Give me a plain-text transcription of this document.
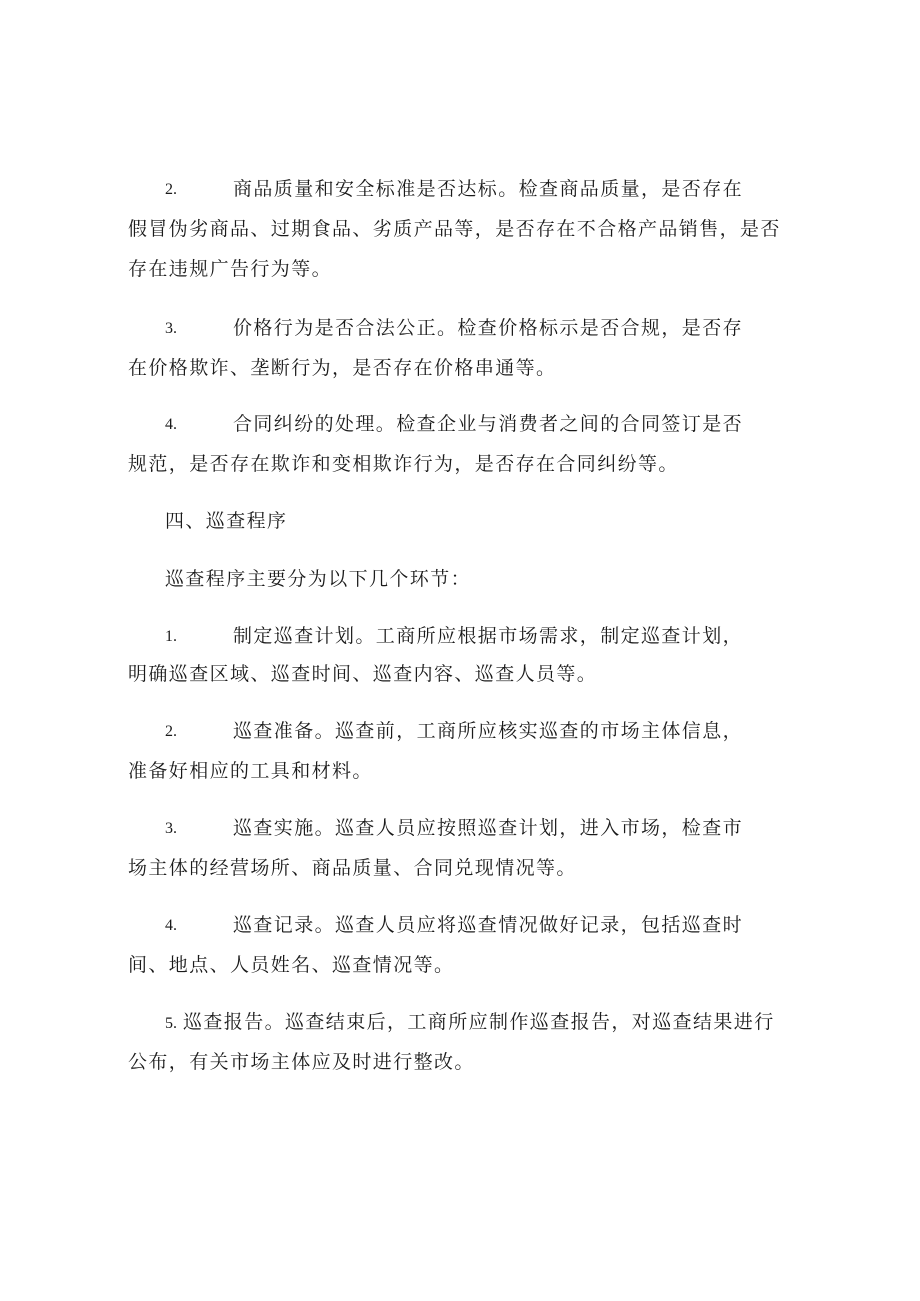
2.	商品质量和安全标准是否达标。检查商品质量，是否存在
假冒伪劣商品、过期食品、劣质产品等，是否存在不合格产品销售，是否
存在违规广告行为等。
3.	价格行为是否合法公正。检查价格标示是否合规，是否存
在价格欺诈、垄断行为，是否存在价格串通等。
4.	合同纠纷的处理。检查企业与消费者之间的合同签订是否
规范，是否存在欺诈和变相欺诈行为，是否存在合同纠纷等。
四、巡查程序
巡查程序主要分为以下几个环节：
1.	制定巡查计划。工商所应根据市场需求，制定巡查计划，
明确巡查区域、巡查时间、巡查内容、巡查人员等。
2.	巡查准备。巡查前，工商所应核实巡查的市场主体信息，
准备好相应的工具和材料。
3.	巡查实施。巡查人员应按照巡查计划，进入市场，检查市
场主体的经营场所、商品质量、合同兑现情况等。
4.	巡查记录。巡查人员应将巡查情况做好记录，包括巡查时
间、地点、人员姓名、巡查情况等。
5. 巡查报告。巡查结束后，工商所应制作巡查报告，对巡查结果进行
公布，有关市场主体应及时进行整改。
